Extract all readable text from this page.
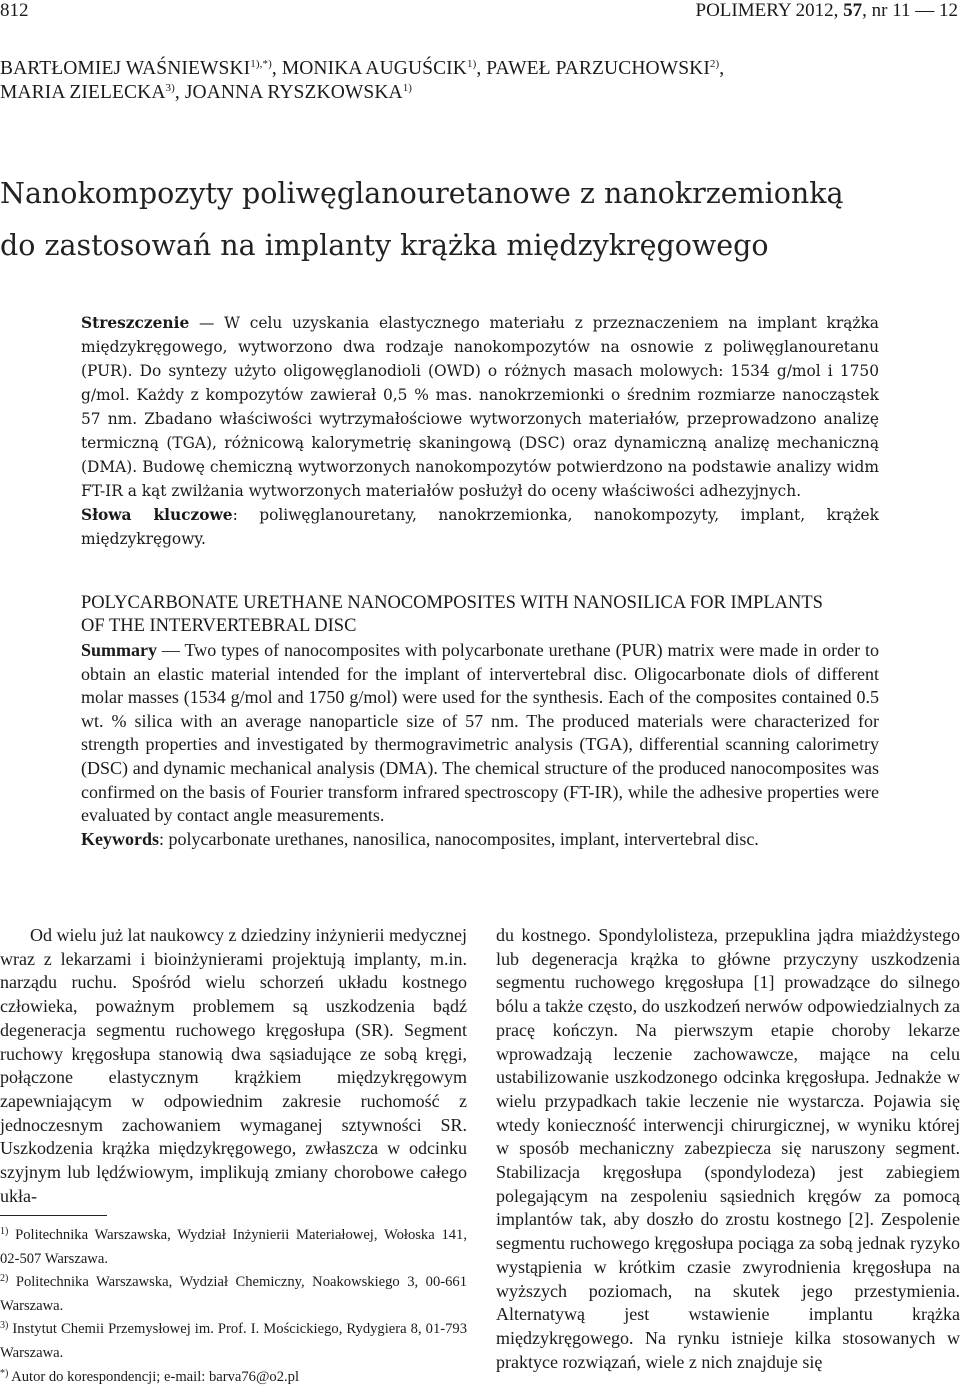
812	POLIMERY 2012, 57, nr 11 — 12
BARTŁOMIEJ $WAŚNIEWSKI^{1),*)}$, MONIKA AUGUŚCIK$^{1)}$, PAWEŁ PARZUCHOWSKI$^{2)}$,
MARIA ZIELECKA$^{3)}$, JOANNA RYSZKOWSKA$^{1)}$
Nanokompozyty poliwęglanouretanowe z nanokrzemionką
do zastosowań na implanty krążka międzykręgowego
Streszczenie — W celu uzyskania elastycznego materiału z przeznaczeniem na implant krążka międzykręgowego, wytworzono dwa rodzaje nanokompozytów na osnowie z poliwęglanouretanu (PUR). Do syntezy użyto oligowęglanodioli (OWD) o różnych masach molowych: 1534 g/mol i 1750 g/mol. Każdy z kompozytów zawierał 0,5 % mas. nanokrzemionki o średnim rozmiarze nanocząstek 57 nm. Zbadano właściwości wytrzymałościowe wytworzonych materiałów, przeprowadzono analizę termiczną (TGA), różnicową kalorymetrię skaningową (DSC) oraz dynamiczną analizę mechaniczną (DMA). Budowę chemiczną wytworzonych nanokompozytów potwierdzono na podstawie analizy widm FT-IR a kąt zwilżania wytworzonych materiałów posłużył do oceny właściwości adhezyjnych.
Słowa kluczowe: poliwęglanouretany, nanokrzemionka, nanokompozyty, implant, krążek międzykręgowy.
POLYCARBONATE URETHANE NANOCOMPOSITES WITH NANOSILICA FOR IMPLANTS
OF THE INTERVERTEBRAL DISC
Summary — Two types of nanocomposites with polycarbonate urethane (PUR) matrix were made in order to obtain an elastic material intended for the implant of intervertebral disc. Oligocarbonate diols of different molar masses (1534 g/mol and 1750 g/mol) were used for the synthesis. Each of the composites contained 0.5 wt. % silica with an average nanoparticle size of 57 nm. The produced materials were characterized for strength properties and investigated by thermogravimetric analysis (TGA), differential scanning calorimetry (DSC) and dynamic mechanical analysis (DMA). The chemical structure of the produced nanocomposites was confirmed on the basis of Fourier transform infrared spectroscopy (FT-IR), while the adhesive properties were evaluated by contact angle measurements.
Keywords: polycarbonate urethanes, nanosilica, nanocomposites, implant, intervertebral disc.
Od wielu już lat naukowcy z dziedziny inżynierii medycznej wraz z lekarzami i bioinżynierami projektują implanty, m.in. narządu ruchu. Spośród wielu schorzeń układu kostnego człowieka, poważnym problemem są uszkodzenia bądź degeneracja segmentu ruchowego kręgosłupa (SR). Segment ruchowy kręgosłupa stanowią dwa sąsiadujące ze sobą kręgi, połączone elastycznym krążkiem międzykręgowym zapewniającym w odpowiednim zakresie ruchomość z jednoczesnym zachowaniem wymaganej sztywności SR. Uszkodzenia krążka międzykręgowego, zwłaszcza w odcinku szyjnym lub lędźwiowym, implikują zmiany chorobowe całego ukła-
du kostnego. Spondylolisteza, przepuklina jądra miażdżystego lub degeneracja krążka to główne przyczyny uszkodzenia segmentu ruchowego kręgosłupa [1] prowadzące do silnego bólu a także często, do uszkodzeń nerwów odpowiedzialnych za pracę kończyn. Na pierwszym etapie choroby lekarze wprowadzają leczenie zachowawcze, mające na celu ustabilizowanie uszkodzonego odcinka kręgosłupa. Jednakże w wielu przypadkach takie leczenie nie wystarcza. Pojawia się wtedy konieczność interwencji chirurgicznej, w wyniku której w sposób mechaniczny zabezpiecza się naruszony segment. Stabilizacja kręgosłupa (spondylodeza) jest zabiegiem polegającym na zespoleniu sąsiednich kręgów za pomocą implantów tak, aby doszło do zrostu kostnego [2]. Zespolenie segmentu ruchowego kręgosłupa pociąga za sobą jednak ryzyko wystąpienia w krótkim czasie zwyrodnienia kręgosłupa na wyższych poziomach, na skutek jego przestymienia. Alternatywą jest wstawienie implantu krążka międzykręgowego. Na rynku istnieje kilka stosowanych w praktyce rozwiązań, wiele z nich znajduje się

$^{1)}$ Politechnika Warszawska, Wydział Inżynierii Materiałowej, Wołoska 141, 02-507 Warszawa.

$^{2)}$ Politechnika Warszawska, Wydział Chemiczny, Noakowskiego 3, 00-661 Warszawa.

$^{3)}$ Instytut Chemii Przemysłowej im. Prof. I. Mościckiego, Rydygiera 8, 01-793 Warszawa.

*) Autor do korespondencji; e-mail: barva76@o2.pl
